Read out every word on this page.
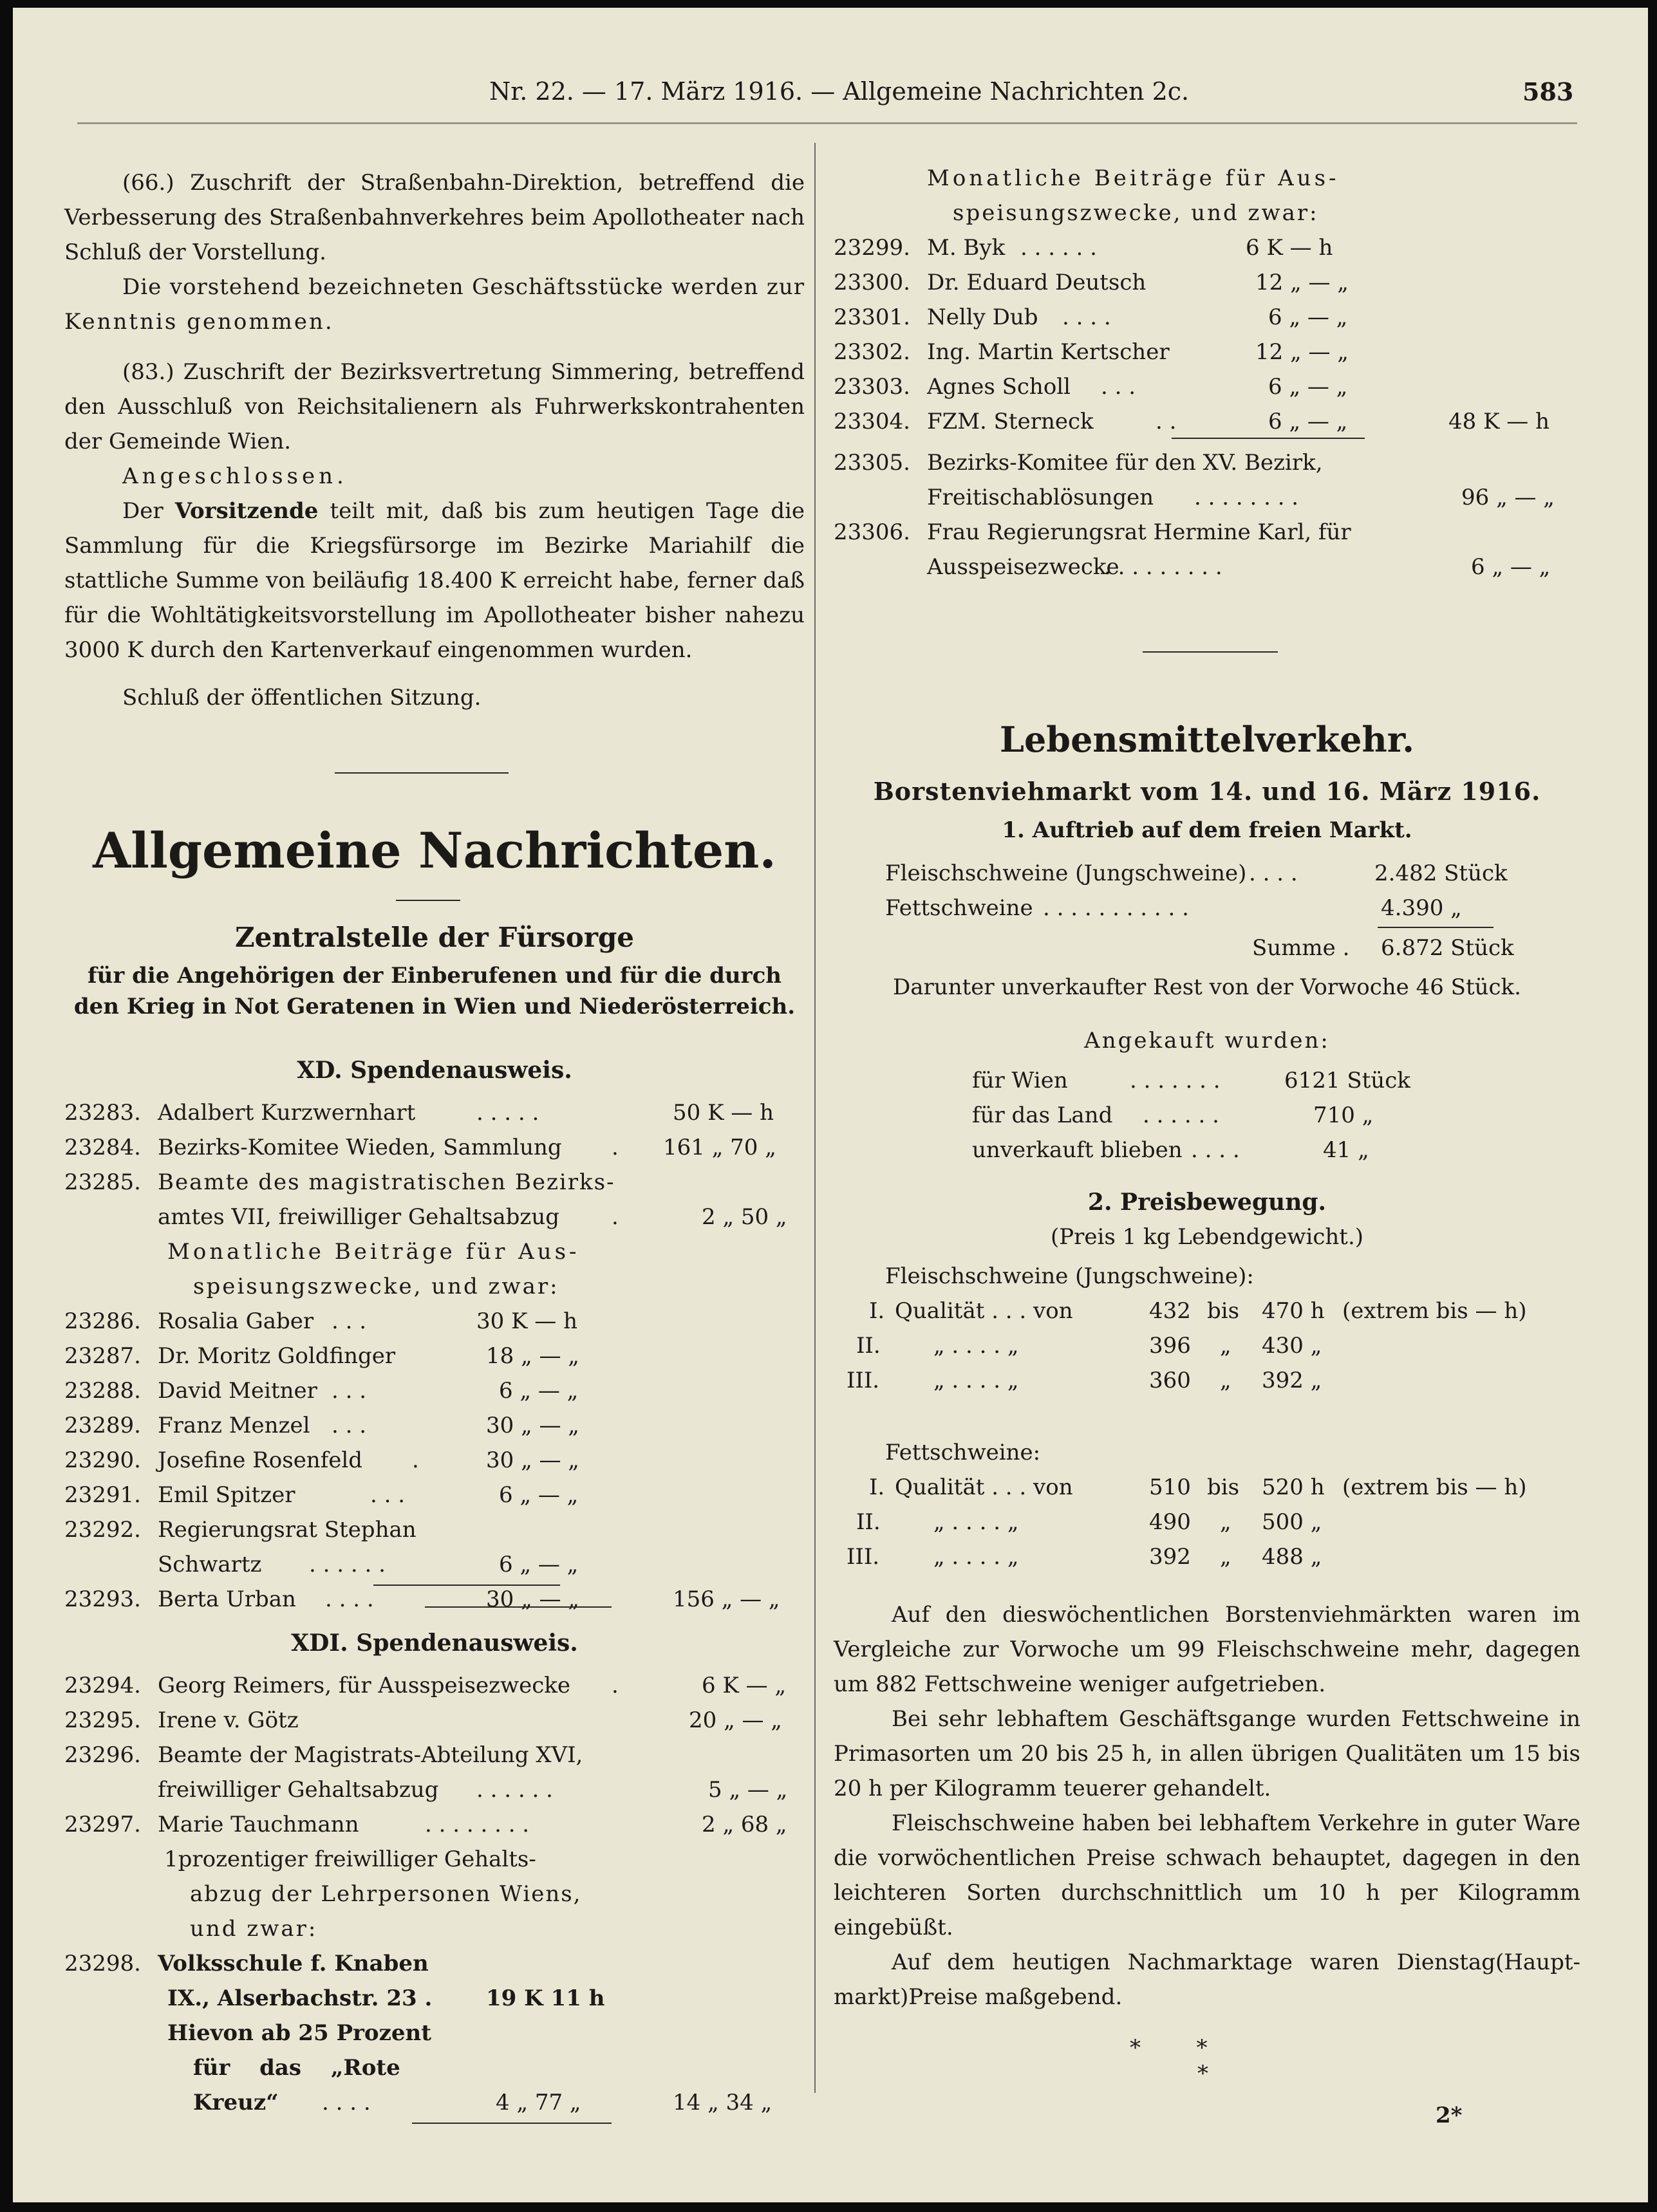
Nr. 22. — 17. März 1916. — Allgemeine Nachrichten 2c.	583

(66.) Zuschrift der Straßenbahn-Direktion, betreffend die Verbesserung des Straßenbahnverkehres beim Apollotheater nach Schluß der Vorstellung.

Die vorstehend bezeichneten Geschäftsstücke werden zur

Kenntnis genommen.

(83.) Zuschrift der Bezirksvertretung Simmering, betreffend den Ausschluß von Reichsitalienern als Fuhrwerkskontrahenten der Gemeinde Wien.

Angeschlossen.

Der Vorsitzende teilt mit, daß bis zum heutigen Tage die Sammlung für die Kriegsfürsorge im Bezirke Mariahilf die stattliche Summe von beiläufig 18.400 K erreicht habe, ferner daß für die Wohltätigkeitsvorstellung im Apollotheater bisher nahezu 3000 K durch den Kartenverkauf eingenommen wurden.

Schluß der öffentlichen Sitzung.

Allgemeine Nachrichten.
Zentralstelle der Fürsorge
für die Angehörigen der Einberufenen und für die durch den Krieg in Not Geratenen in Wien und Niederösterreich.
XD. Spendenausweis.
23283. Adalbert Kurzwernhart	. . . . .	50 K — h
23284. Bezirks-Komitee Wieden, Sammlung . 161 „ 70 „
23285. Beamte des magistratischen Bezirks-
amtes VII, freiwilliger Gehaltsabzug .	2 „ 50 „
Monatliche Beiträge für Aus-
speisungszwecke, und zwar:
23286. Rosalia Gaber . . .	30 K — h
23287. Dr. Moritz Goldfinger	18 „ — „
23288. David Meitner . . .	6 „ — „
23289. Franz Menzel . . .	30 „ — „
23290. Josefine Rosenfeld .	30 „ — „
23291. Emil Spitzer	. . .	6 „ — „
23292. Regierungsrat Stephan
Schwartz . . . . . .	6 „ — „
23293. Berta Urban . . . .	30 „ — „	156 „ — „
XDI. Spendenausweis.
23294. Georg Reimers, für Ausspeisezwecke .	6 K — „
23295. Irene v. Götz	20 „ — „
23296. Beamte der Magistrats-Abteilung XVI,
freiwilliger Gehaltsabzug . . . . . .	5 „ — „
23297. Marie Tauchmann	. . . . . . . .	2 „ 68 „
1prozentiger freiwilliger Gehalts-
abzug der Lehrpersonen Wiens,
und zwar:
23298. Volksschule f. Knaben
IX., Alserbachstr. 23 . 19 K 11 h
Hievon ab 25 Prozent
für das „Rote
Kreuz“ . . . .	4 „ 77 „	14 „ 34 „
Monatliche Beiträge für Aus-
speisungszwecke, und zwar:
23299. M. Byk . . . . . .	6 K — h
23300. Dr. Eduard Deutsch	12 „ — „
23301. Nelly Dub . . . .	6 „ — „
23302. Ing. Martin Kertscher	12 „ — „
23303. Agnes Scholl . . .	6 „ — „
23304. FZM. Sterneck	. .	6 „ — „	48 K — h
23305. Bezirks-Komitee für den XV. Bezirk,
Freitischablösungen . . . . . . . .	96 „ — „
23306. Frau Regierungsrat Hermine Karl, für
Ausspeisezwecke
. . . . . . . . .	6 „ — „
Lebensmittelverkehr.
Borstenviehmarkt vom 14. und 16. März 1916.
1. Auftrieb auf dem freien Markt.
Fleischschweine (Jungschweine) . . . .	2.482 Stück
Fettschweine . . . . . . . . . . .	4.390 „
Summe . 6.872 Stück
Darunter unverkaufter Rest von der Vorwoche 46 Stück.
Angekauft wurden:
für Wien	. . . . . . .	6121 Stück
für das Land . . . . . .	710 „
unverkauft blieben . . . .	41 „
2. Preisbewegung.
(Preis 1 kg Lebendgewicht.)
Fleischschweine (Jungschweine):
I. Qualität . . . von	432 bis 470 h (extrem bis — h)
II. „ . . . . „	396 „ 430 „
III. „ . . . . „	360 „ 392 „
Fettschweine:
I. Qualität . . . von	510 bis 520 h (extrem bis — h)
II. „ . . . . „	490 „ 500 „
III. „ . . . . „	392 „ 488 „

Auf den dieswöchentlichen Borstenviehmärkten waren im Vergleiche zur Vorwoche um 99 Fleischschweine mehr, dagegen um 882 Fettschweine weniger aufgetrieben.

Bei sehr lebhaftem Geschäftsgange wurden Fettschweine in Primasorten um 20 bis 25 h, in allen übrigen Qualitäten um 15 bis 20 h per Kilogramm teuerer gehandelt.

Fleischschweine haben bei lebhaftem Verkehre in guter Ware die vorwöchentlichen Preise schwach behauptet, dagegen in den leichteren Sorten durchschnittlich um 10 h per Kilogramm eingebüßt.

Auf dem heutigen Nachmarktage waren Dienstag(Haupt-markt)Preise maßgebend.

*        *
*
2*
